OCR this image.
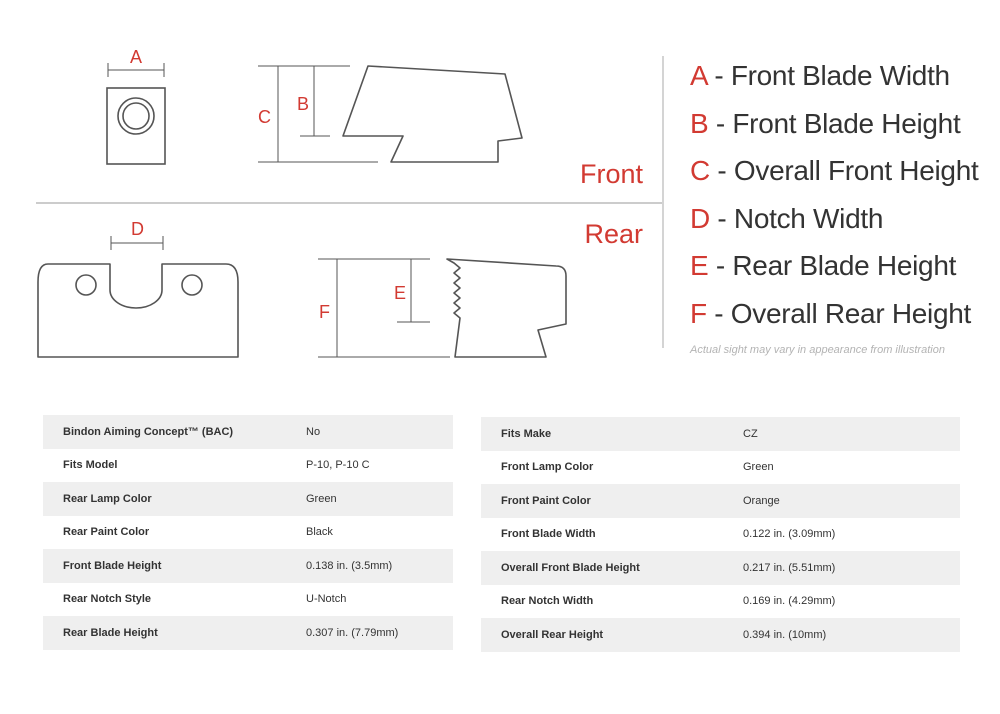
A
C
B
Front
Rear
D
F
E
A - Front Blade Width
B - Front Blade Height
C - Overall Front Height
D - Notch Width
E - Rear Blade Height
F - Overall Rear Height
Actual sight may vary in appearance from illustration
Bindon Aiming Concept™ (BAC)	No
Fits Model	P-10, P-10 C
Rear Lamp Color	Green
Rear Paint Color	Black
Front Blade Height	0.138 in. (3.5mm)
Rear Notch Style	U-Notch
Rear Blade Height	0.307 in. (7.79mm)
Fits Make	CZ
Front Lamp Color	Green
Front Paint Color	Orange
Front Blade Width	0.122 in. (3.09mm)
Overall Front Blade Height	0.217 in. (5.51mm)
Rear Notch Width	0.169 in. (4.29mm)
Overall Rear Height	0.394 in. (10mm)
